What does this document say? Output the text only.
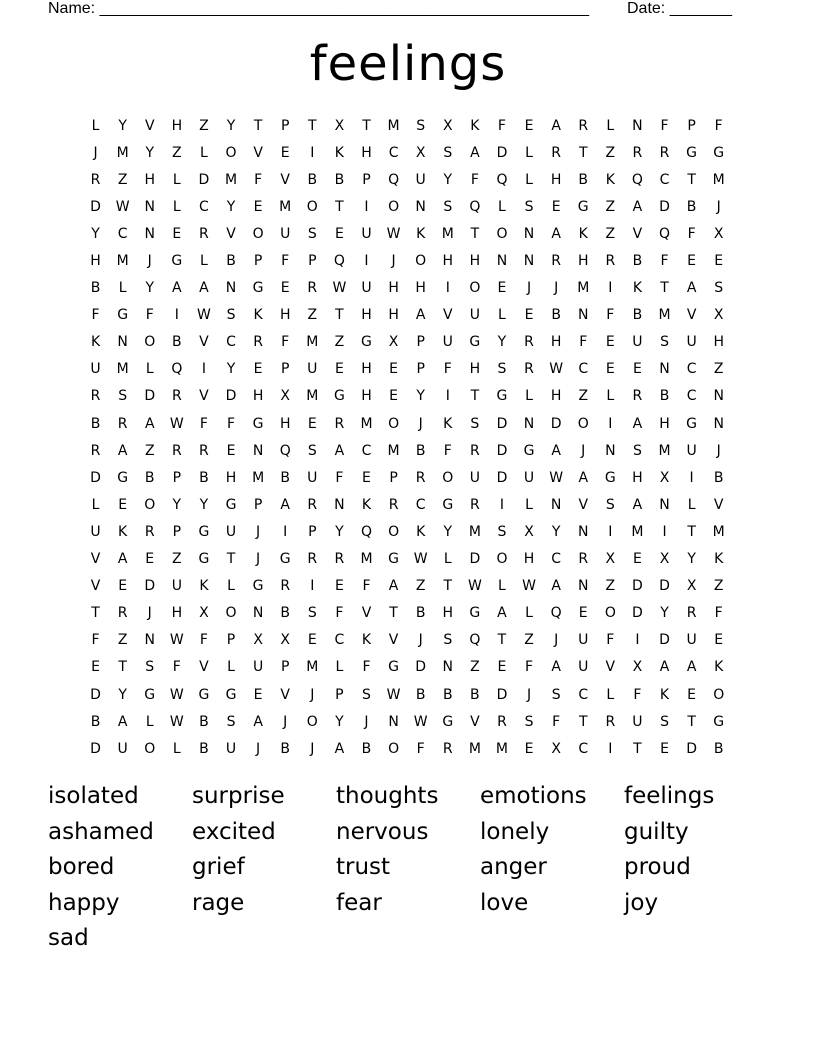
Name: _______________________________________________________ Date: _______
feelings
L	Y	V	H	Z	Y	T	P	T	X	T	M	S	X	K	F	E	A	R	L	N	F	P	F
J	M	Y	Z	L	O	V	E	I	K	H	C	X	S	A	D	L	R	T	Z	R	R	G	G
R	Z	H	L	D	M	F	V	B	B	P	Q	U	Y	F	Q	L	H	B	K	Q	C	T	M
D	W	N	L	C	Y	E	M	O	T	I	O	N	S	Q	L	S	E	G	Z	A	D	B	J
Y	C	N	E	R	V	O	U	S	E	U	W	K	M	T	O	N	A	K	Z	V	Q	F	X
H	M	J	G	L	B	P	F	P	Q	I	J	O	H	H	N	N	R	H	R	B	F	E	E
B	L	Y	A	A	N	G	E	R	W	U	H	H	I	O	E	J	J	M	I	K	T	A	S
F	G	F	I	W	S	K	H	Z	T	H	H	A	V	U	L	E	B	N	F	B	M	V	X
K	N	O	B	V	C	R	F	M	Z	G	X	P	U	G	Y	R	H	F	E	U	S	U	H
U	M	L	Q	I	Y	E	P	U	E	H	E	P	F	H	S	R	W	C	E	E	N	C	Z
R	S	D	R	V	D	H	X	M	G	H	E	Y	I	T	G	L	H	Z	L	R	B	C	N
B	R	A	W	F	F	G	H	E	R	M	O	J	K	S	D	N	D	O	I	A	H	G	N
R	A	Z	R	R	E	N	Q	S	A	C	M	B	F	R	D	G	A	J	N	S	M	U	J
D	G	B	P	B	H	M	B	U	F	E	P	R	O	U	D	U	W	A	G	H	X	I	B
L	E	O	Y	Y	G	P	A	R	N	K	R	C	G	R	I	L	N	V	S	A	N	L	V
U	K	R	P	G	U	J	I	P	Y	Q	O	K	Y	M	S	X	Y	N	I	M	I	T	M
V	A	E	Z	G	T	J	G	R	R	M	G	W	L	D	O	H	C	R	X	E	X	Y	K
V	E	D	U	K	L	G	R	I	E	F	A	Z	T	W	L	W	A	N	Z	D	D	X	Z
T	R	J	H	X	O	N	B	S	F	V	T	B	H	G	A	L	Q	E	O	D	Y	R	F
F	Z	N	W	F	P	X	X	E	C	K	V	J	S	Q	T	Z	J	U	F	I	D	U	E
E	T	S	F	V	L	U	P	M	L	F	G	D	N	Z	E	F	A	U	V	X	A	A	K
D	Y	G	W	G	G	E	V	J	P	S	W	B	B	B	D	J	S	C	L	F	K	E	O
B	A	L	W	B	S	A	J	O	Y	J	N	W	G	V	R	S	F	T	R	U	S	T	G
D	U	O	L	B	U	J	B	J	A	B	O	F	R	M	M	E	X	C	I	T	E	D	B
isolated	surprise	thoughts	emotions	feelings
ashamed	excited	nervous	lonely	guilty
bored	grief	trust	anger	proud
happy	rage	fear	love	joy
sad
